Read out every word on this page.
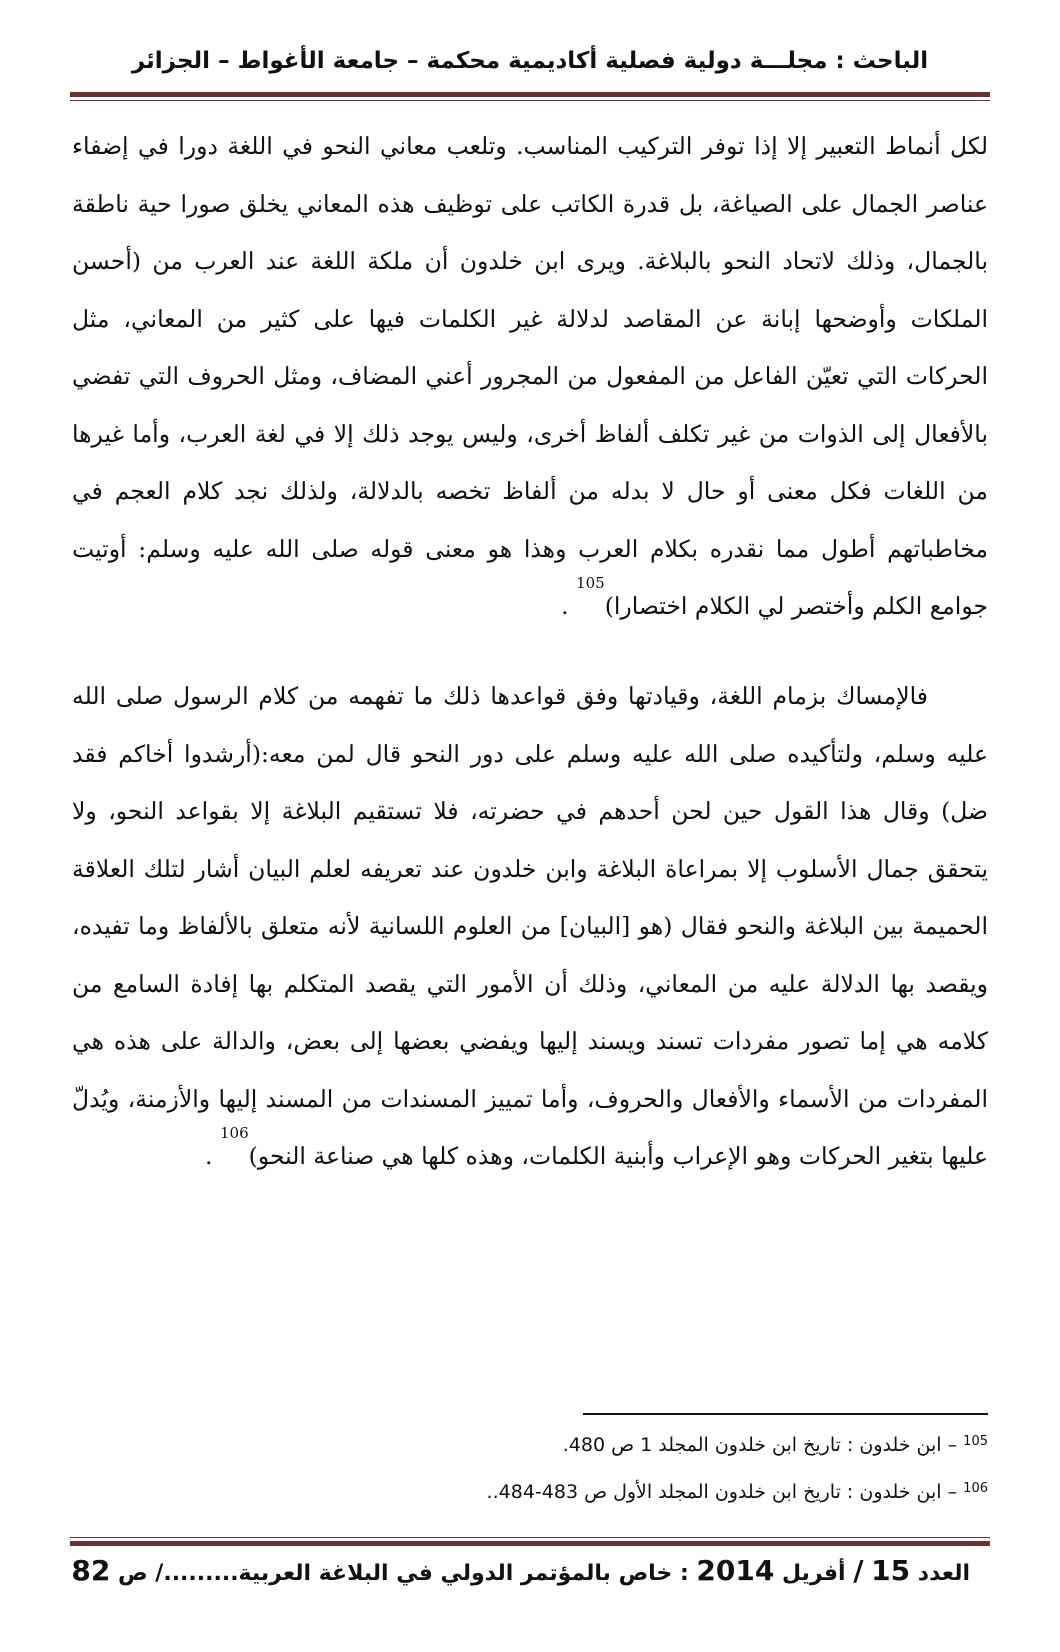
الباحث : مجلـــة دولية فصلية أكاديمية محكمة – جامعة الأغواط – الجزائر

لكل أنماط التعبير إلا إذا توفر التركيب المناسب. وتلعب معاني النحو في اللغة دورا في إضفاء عناصر الجمال على الصياغة، بل قدرة الكاتب على توظيف هذه المعاني يخلق صورا حية ناطقة بالجمال، وذلك لاتحاد النحو بالبلاغة. ويرى ابن خلدون أن ملكة اللغة عند العرب من (أحسن الملكات وأوضحها إبانة عن المقاصد لدلالة غير الكلمات فيها على كثير من المعاني، مثل الحركات التي تعيّن الفاعل من المفعول من المجرور أعني المضاف، ومثل الحروف التي تفضي بالأفعال إلى الذوات من غير تكلف ألفاظ أخرى، وليس يوجد ذلك إلا في لغة العرب، وأما غيرها من اللغات فكل معنى أو حال لا بدله من ألفاظ تخصه بالدلالة، ولذلك نجد كلام العجم في مخاطباتهم أطول مما نقدره بكلام العرب وهذا هو معنى قوله صلى الله عليه وسلم: أوتيت جوامع الكلم وأختصر لي الكلام اختصارا)$^{105}$ .

فالإمساك بزمام اللغة، وقيادتها وفق قواعدها ذلك ما تفهمه من كلام الرسول صلى الله عليه وسلم، ولتأكيده صلى الله عليه وسلم على دور النحو قال لمن معه:(أرشدوا أخاكم فقد ضل) وقال هذا القول حين لحن أحدهم في حضرته، فلا تستقيم البلاغة إلا بقواعد النحو، ولا يتحقق جمال الأسلوب إلا بمراعاة البلاغة وابن خلدون عند تعريفه لعلم البيان أشار لتلك العلاقة الحميمة بين البلاغة والنحو فقال (هو [البيان] من العلوم اللسانية لأنه متعلق بالألفاظ وما تفيده، ويقصد بها الدلالة عليه من المعاني، وذلك أن الأمور التي يقصد المتكلم بها إفادة السامع من كلامه هي إما تصور مفردات تسند ويسند إليها ويفضي بعضها إلى بعض، والدالة على هذه هي المفردات من الأسماء والأفعال والحروف، وأما تمييز المسندات من المسند إليها والأزمنة، ويُدلّ عليها بتغير الحركات وهو الإعراب وأبنية الكلمات، وهذه كلها هي صناعة النحو)$^{106}$ .

$^{105}$ – ابن خلدون : تاريخ ابن خلدون المجلد 1 ص 480.
$^{106}$ – ابن خلدون : تاريخ ابن خلدون المجلد الأول ص 483-484..
العدد 15 / أفريل 2014 : خاص بالمؤتمر الدولي في البلاغة العربية........./ ص 82
